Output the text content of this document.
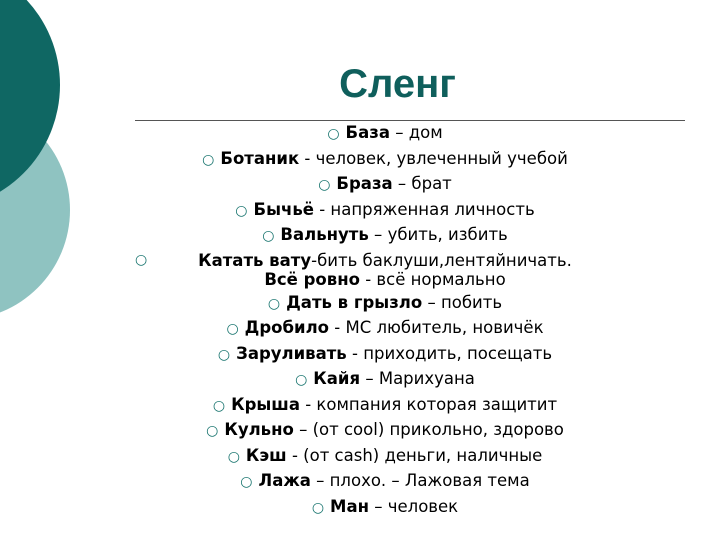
Сленг
○ База – дом
○ Ботаник - человек, увлеченный учебой
○ Браза – брат
○ Бычьё - напряженная личность
○ Вальнуть – убить, избить
○	Катать вату-бить баклуши,лентяйничать.
Всё ровно - всё нормально
○ Дать в грызло – побить
○ Дробило - МС любитель, новичёк
○ Заруливать - приходить, посещать
○ Кайя – Марихуана
○ Крыша - компания которая защитит
○ Кульно – (от cool) прикольно, здорово
○ Кэш - (от cash) деньги, наличные
○ Лажа – плохо. – Лажовая тема
○ Ман – человек
